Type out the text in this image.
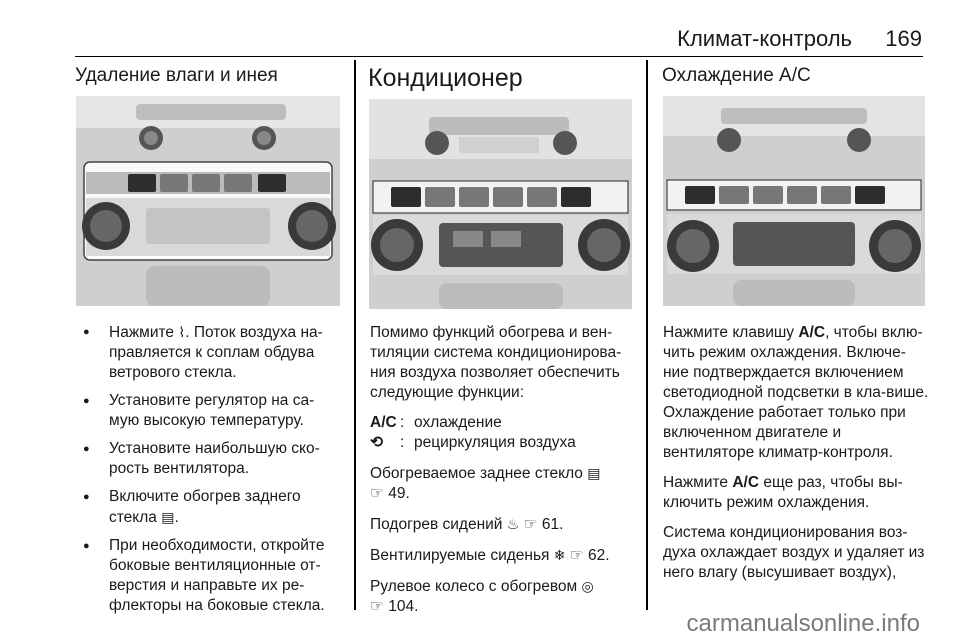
Климат-контроль 169
Удаление влаги и инея
● Нажмите ⌇. Поток воздуха на-правляется к соплам обдува ветрового стекла.
● Установите регулятор на са-мую высокую температуру.
● Установите наибольшую ско-рость вентилятора.
● Включите обогрев заднего стекла ▤.
● При необходимости, откройте боковые вентиляционные от-верстия и направьте их ре-флекторы на боковые стекла.
Кондиционер

Помимо функций обогрева и вен-тиляции система кондиционирова-ния воздуха позволяет обеспечить следующие функции:

A/C : охлаждение
⟲	: рециркуляция воздуха

Обогреваемое заднее стекло ▤
☞ 49.

Подогрев сидений ♨ ☞ 61.

Вентилируемые сиденья ❄ ☞ 62.

Рулевое колесо с обогревом ◎
☞ 104.

Охлаждение A/C

Нажмите клавишу A/C, чтобы вклю-чить режим охлаждения. Включе-ние подтверждается включением светодиодной подсветки в кла-више. Охлаждение работает только при включенном двигателе и вентиляторе климатр-контроля.

Нажмите A/C еще раз, чтобы вы-ключить режим охлаждения.

Система кондиционирования воз-духа охлаждает воздух и удаляет из него влагу (высушивает воздух),

carmanualsonline.info
